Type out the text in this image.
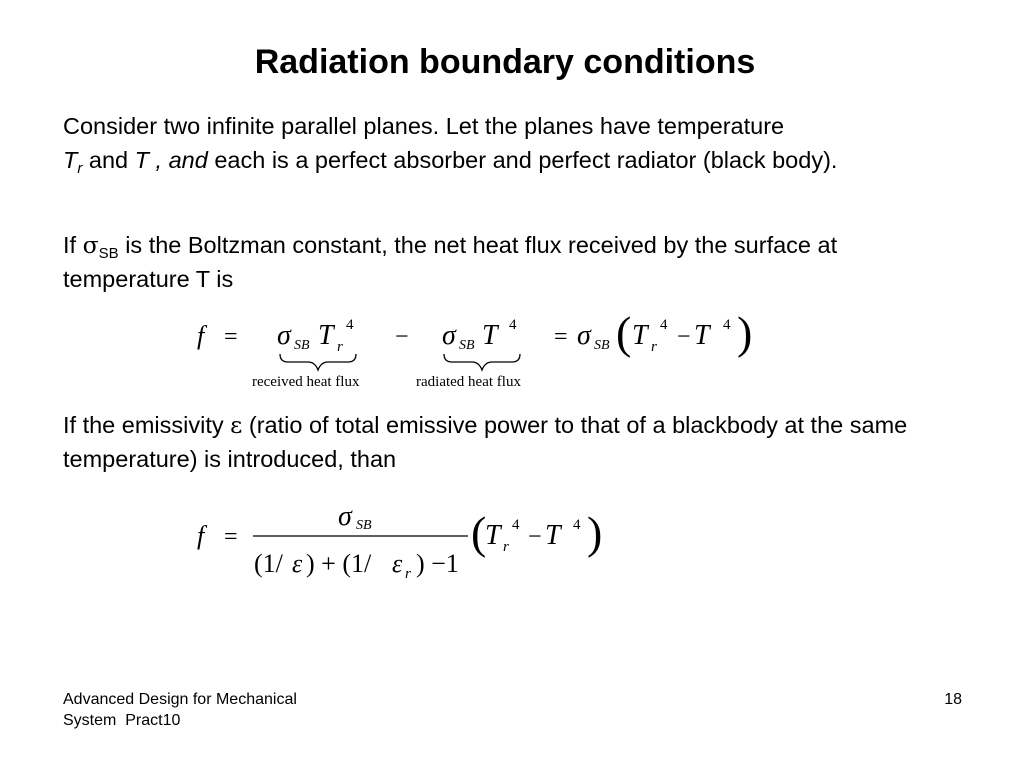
Radiation boundary conditions
Consider two infinite parallel planes. Let the planes have temperature
$T_r$ and T , and each is a perfect absorber and perfect radiator (black body).
If $\sigma_{SB}$ is the Boltzman constant, the net heat flux received by the surface at temperature T is
f = σ SB T r
4
received heat flux
− σ SB T 4
radiated heat flux
= σ SB ( T r
4 − T 4 )
If the emissivity ε (ratio of total emissive power to that of a blackbody at the same temperature) is introduced, than
f =
σ SB
(1/ ε ) + (1/ ε r ) −1
(
T r
4 − T 4 )
Advanced Design for Mechanical
System  Pract10
18
